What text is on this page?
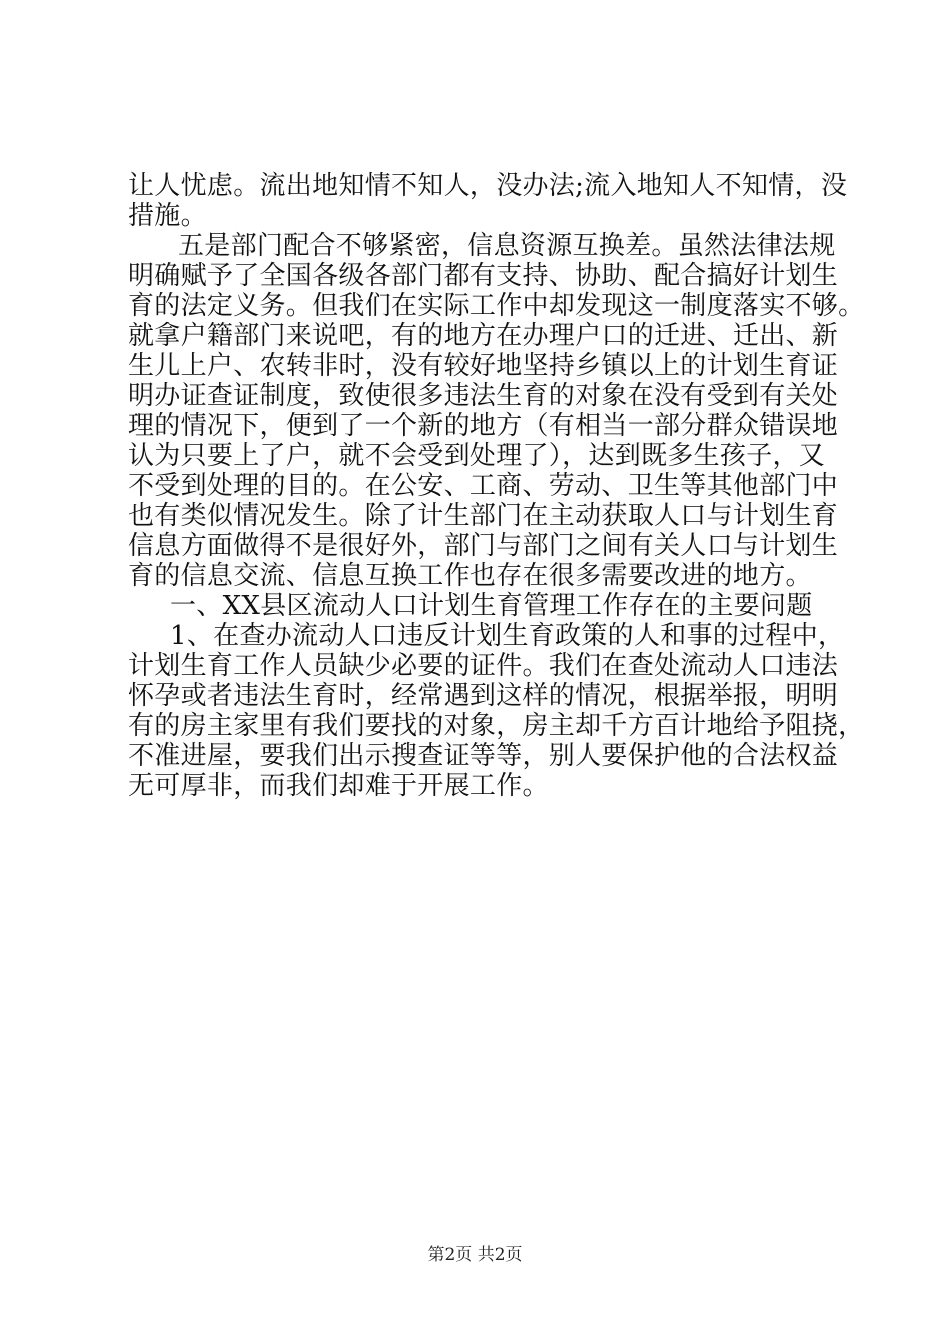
让人忧虑。流出地知情不知人，没办法;流入地知人不知情，没
措施。
五是部门配合不够紧密，信息资源互换差。虽然法律法规
明确赋予了全国各级各部门都有支持、协助、配合搞好计划生
育的法定义务。但我们在实际工作中却发现这一制度落实不够。
就拿户籍部门来说吧，有的地方在办理户口的迁进、迁出、新
生儿上户、农转非时，没有较好地坚持乡镇以上的计划生育证
明办证查证制度，致使很多违法生育的对象在没有受到有关处
理的情况下，便到了一个新的地方（有相当一部分群众错误地
认为只要上了户，就不会受到处理了），达到既多生孩子，又
不受到处理的目的。在公安、工商、劳动、卫生等其他部门中
也有类似情况发生。除了计生部门在主动获取人口与计划生育
信息方面做得不是很好外，部门与部门之间有关人口与计划生
育的信息交流、信息互换工作也存在很多需要改进的地方。
一、XX县区流动人口计划生育管理工作存在的主要问题
1、在查办流动人口违反计划生育政策的人和事的过程中，
计划生育工作人员缺少必要的证件。我们在查处流动人口违法
怀孕或者违法生育时，经常遇到这样的情况，根据举报，明明
有的房主家里有我们要找的对象，房主却千方百计地给予阻挠，
不准进屋，要我们出示搜查证等等，别人要保护他的合法权益
无可厚非，而我们却难于开展工作。
第2页 共2页
